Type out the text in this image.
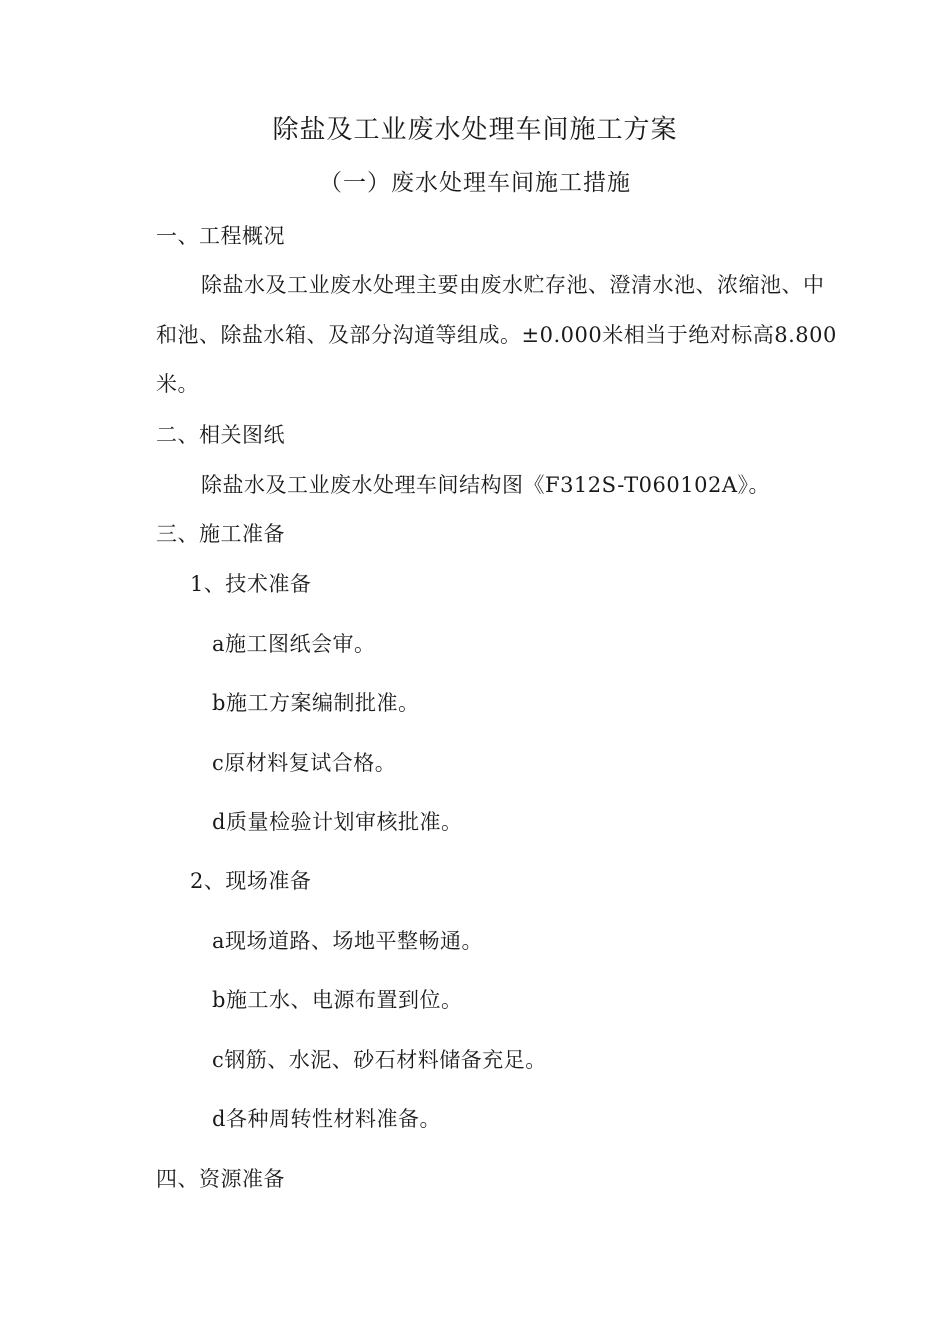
除盐及工业废水处理车间施工方案
（一）废水处理车间施工措施
一、工程概况
除盐水及工业废水处理主要由废水贮存池、澄清水池、浓缩池、中
和池、除盐水箱、及部分沟道等组成。±0.000米相当于绝对标高8.800
米。
二、相关图纸
除盐水及工业废水处理车间结构图《F312S-T060102A》。
三、施工准备
1、技术准备
a施工图纸会审。
b施工方案编制批准。
c原材料复试合格。
d质量检验计划审核批准。
2、现场准备
a现场道路、场地平整畅通。
b施工水、电源布置到位。
c钢筋、水泥、砂石材料储备充足。
d各种周转性材料准备。
四、资源准备
